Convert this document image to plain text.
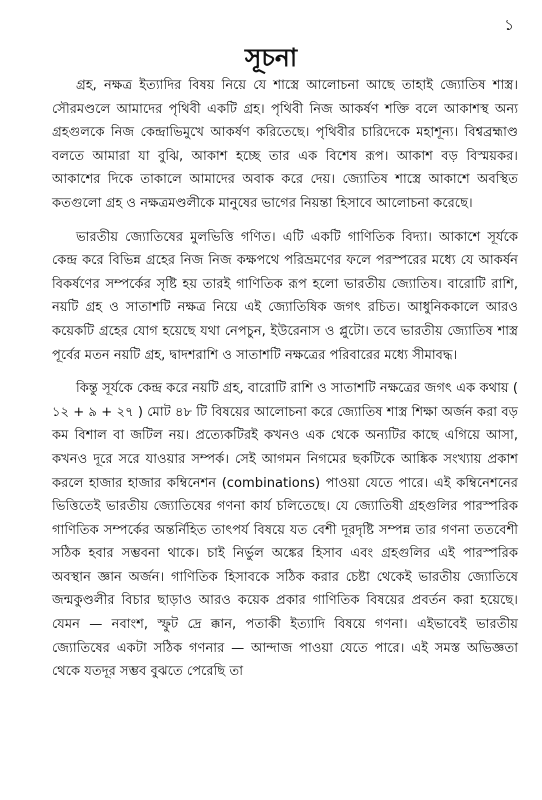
১
সূচনা

গ্রহ, নক্ষত্র ইত্যাদির বিষয় নিয়ে যে শাস্ত্রে আলোচনা আছে তাহাই জ্যোতিষ শাস্ত্র। সৌরমণ্ডলে আমাদের পৃথিবী একটি গ্রহ। পৃথিবী নিজ আকর্ষণ শক্তি বলে আকাশস্থ অন্য গ্রহগুলকে নিজ কেন্দ্রাভিমুখে আকর্ষণ করিতেছে। পৃথিবীর চারিদেকে মহাশূন্য। বিশ্বব্রহ্মাণ্ড বলতে আমারা যা বুঝি, আকাশ হচ্ছে তার এক বিশেষ রূপ। আকাশ বড় বিস্ময়কর। আকাশের দিকে তাকালে আমাদের অবাক করে দেয়। জ্যোতিষ শাস্ত্রে আকাশে অবস্থিত কতগুলো গ্রহ ও নক্ষত্রমণ্ডলীকে মানুষের ভাগের নিয়ন্তা হিসাবে আলোচনা করেছে।

ভারতীয় জ্যোতিষের মুলভিত্তি গণিত। এটি একটি গাণিতিক বিদ্যা। আকাশে সূর্যকে কেন্দ্র করে বিভিন্ন গ্রহের নিজ নিজ কক্ষপথে পরিভ্রমণের ফলে পরস্পরের মধ্যে যে আকর্ষন বিকর্ষণের সম্পর্কের সৃষ্টি হয় তারই গাণিতিক রূপ হলো ভারতীয় জ্যোতিষ। বারোটি রাশি, নয়টি গ্রহ ও সাতাশটি নক্ষত্র নিয়ে এই জ্যোতিষিক জগৎ রচিত। আধুনিককালে আরও কয়েকটি গ্রহের যোগ হয়েছে যথা নেপচুন, ইউরেনাস ও প্লুটো। তবে ভারতীয় জ্যোতিষ শাস্ত্র পূর্বের মতন নয়টি গ্রহ, দ্বাদশরাশি ও সাতাশটি নক্ষত্রের পরিবারের মধ্যে সীমাবদ্ধ।

কিন্তু সূর্যকে কেন্দ্র করে নয়টি গ্রহ, বারোটি রাশি ও সাতাশটি নক্ষত্রের জগৎ এক কথায় ( ১২ + ৯ + ২৭ ) মোট ৪৮ টি বিষয়ের আলোচনা করে জ্যোতিষ শাস্ত্র শিক্ষা অর্জন করা বড় কম বিশাল বা জটিল নয়। প্রত্যেকটিরই কখনও এক থেকে অন্যটির কাছে এগিয়ে আসা, কখনও দূরে সরে যাওয়ার সম্পর্ক। সেই আগমন নিগমের ছকটিকে আঙ্কিক সংখ্যায় প্রকাশ করলে হাজার হাজার কম্বিনেশন (combinations) পাওয়া যেতে পারে। এই কম্বিনেশনের ভিত্তিতেই ভারতীয় জ্যোতিষের গণনা কার্য চলিতেছে। যে জ্যোতিষী গ্রহগুলির পারস্পরিক গাণিতিক সম্পর্কের অন্তর্নিহিত তাৎপর্য বিষয়ে যত বেশী দূরদৃষ্টি সম্পন্ন তার গণনা ততবেশী সঠিক হবার সম্ভবনা থাকে। চাই নির্ভুল অঙ্কের হিসাব এবং গ্রহগুলির এই পারস্পরিক অবস্থান জ্ঞান অর্জন। গাণিতিক হিসাবকে সঠিক করার চেষ্টা থেকেই ভারতীয় জ্যোতিষে জন্মকুণ্ডলীর বিচার ছাড়াও আরও কয়েক প্রকার গাণিতিক বিষয়ের প্রবর্তন করা হয়েছে। যেমন — নবাংশ, স্ফুট দ্রে ক্কান, পতাকী ইত্যাদি বিষয়ে গণনা। এইভাবেই ভারতীয় জ্যোতিষের একটা সঠিক গণনার — আন্দাজ পাওয়া যেতে পারে। এই সমস্ত অভিজ্ঞতা থেকে যতদূর সম্ভব বুঝতে পেরেছি তা
